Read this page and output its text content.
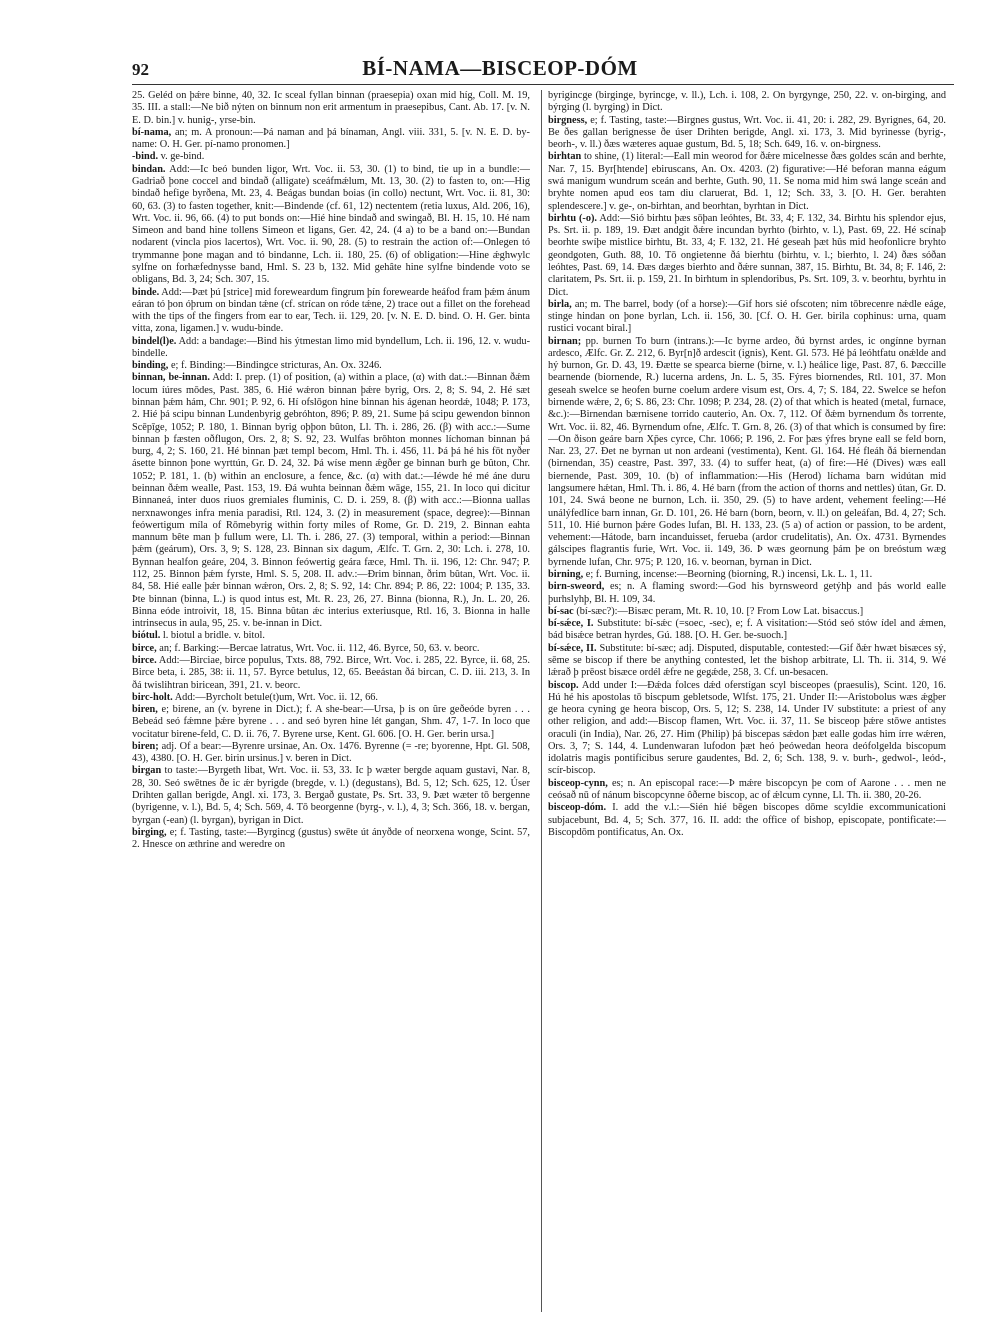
92	BÍ-NAMA—BISCEOP-DÓM
25. Geléd on þǽre binne, 40, 32. Ic sceal fyllan binnan (praesepia) oxan mid híg, Coll. M. 19, 35. III. a stall:—Ne bið nýten on binnum non erit armentum in praesepibus, Cant. Ab. 17. [v. N. E. D. bin.] v. hunig-, yrse-bin.
bí-nama, an; m. A pronoun:—Þá naman and þá bínaman, Angl. viii. 331, 5. [v. N. E. D. by-name: O. H. Ger. pí-namo pronomen.]
-bind. v. ge-bind.
bindan. Add:—Ic beó bunden ligor, Wrt. Voc. ii. 53, 30. (1) to bind, tie up in a bundle:—Gadriað þone coccel and bindað (alligate) sceáfmǽlum, Mt. 13, 30. (2) to fasten to, on:—Hig bindað hefige byrðena, Mt. 23, 4. Beágas bundan boias (in collo) nectunt, Wrt. Voc. ii. 81, 30: 60, 63. (3) to fasten together, knit:—Bindende (cf. 61, 12) nectentem (retia luxus, Ald. 206, 16), Wrt. Voc. ii. 96, 66. (4) to put bonds on:—Hié hine bindað and swingað, Bl. H. 15, 10. Hé nam Simeon and band hine tollens Simeon et ligans, Ger. 42, 24. (4 a) to be a band on:—Bundan nodarent (vincla pios lacertos), Wrt. Voc. ii. 90, 28. (5) to restrain the action of:—Onlegen tó trymmanne þone magan and tó bindanne, Lch. ii. 180, 25. (6) of obligation:—Hine ǽghwylc sylfne on forhæfednysse band, Hml. S. 23 b, 132. Mid gehâte hine sylfne bindende voto se obligans, Bd. 3, 24; Sch. 307, 15.
binde. Add:—Þæt þú [strice] mid foreweardum fingrum þín forewearde heáfod fram þǽm ánum eáran tó þon óþrum on bindan tǽne (cf. strícan on róde tǽne, 2) trace out a fillet on the forehead with the tips of the fingers from ear to ear, Tech. ii. 129, 20. [v. N. E. D. bind. O. H. Ger. binta vitta, zona, ligamen.] v. wudu-binde.
bindel(l)e. Add: a bandage:—Bind his ýtmestan limo mid byndellum, Lch. ii. 196, 12. v. wudu-bindelle.
binding, e; f. Binding:—Bindingce stricturas, An. Ox. 3246.
binnan, be-innan. Add: I. prep. (1) of position, (a) within a place, (α) with dat.:—Binnan ðǽm locum íúres mōdes, Past. 385, 6. Hié wǽron binnan þǽre byrig, Ors. 2, 8; S. 94, 2. Hé sæt binnan þǽm hám, Chr. 901; P. 92, 6. Hí ofslōgon hine binnan his ágenan heordǽ, 1048; P. 173, 2. Hié þá scipu binnan Lundenbyrig gebróhton, 896; P. 89, 21. Sume þá scipu gewendon binnon Scēpīge, 1052; P. 180, 1. Binnan byrig oþþon bûton, Ll. Th. i. 286, 26. (β) with acc.:—Sume binnan þ fæsten oðflugon, Ors. 2, 8; S. 92, 23. Wulfas brōhton monnes líchoman binnan þá burg, 4, 2; S. 160, 21. Hé binnan þæt templ becom, Hml. Th. i. 456, 11. Þá þá hé his fōt nyðer ásette binnon þone wyrttún, Gr. D. 24, 32. Þá wíse menn ǽgðer ge binnan burh ge bûton, Chr. 1052; P. 181, 1. (b) within an enclosure, a fence, &c. (α) with dat.:—Iéwde hé mé áne duru beinnan ðǽm wealle, Past. 153, 19. Ðá wuhta beinnan ðǽm wāge, 155, 21. In loco qui dicitur Binnaneá, inter duos riuos gremiales fluminis, C. D. i. 259, 8. (β) with acc.:—Bionna uallas nerxnawonges infra menia paradisi, Rtl. 124, 3. (2) in measurement (space, degree):—Binnan feówertigum míla of Rōmebyrig within forty miles of Rome, Gr. D. 219, 2. Binnan eahta mannum bête man þ fullum were, Ll. Th. i. 286, 27. (3) temporal, within a period:—Binnan þǽm (geárum), Ors. 3, 9; S. 128, 23. Binnan six dagum, Ælfc. T. Grn. 2, 30: Lch. i. 278, 10. Bynnan healfon geáre, 204, 3. Binnon feówertig geára fæce, Hml. Th. ii. 196, 12: Chr. 947; P. 112, 25. Binnon þǽm fyrste, Hml. S. 5, 208. II. adv.:—Ðrim binnan, ðrim bûtan, Wrt. Voc. ii. 84, 58. Hié ealle þǽr binnan wǽron, Ors. 2, 8; S. 92, 14: Chr. 894; P. 86, 22: 1004; P. 135, 33. Þte binnan (binna, L.) is quod intus est, Mt. R. 23, 26, 27. Binna (bionna, R.), Jn. L. 20, 26. Binna eóde introivit, 18, 15. Binna bûtan ǽc interius exteriusque, Rtl. 16, 3. Bionna in halle intrinsecus in aula, 95, 25. v. be-innan in Dict.
biótul. l. biotul a bridle. v. bitol.
birce, an; f. Barking:—Bercae latratus, Wrt. Voc. ii. 112, 46. Byrce, 50, 63. v. beorc.
birce. Add:—Birciae, birce populus, Txts. 88, 792. Birce, Wrt. Voc. i. 285, 22. Byrce, ii. 68, 25. Birce beta, i. 285, 38: ii. 11, 57. Byrce betulus, 12, 65. Beeástan ðá bircan, C. D. iii. 213, 3. In ðá twislihtran biricean, 391, 21. v. beorc.
birc-holt. Add:—Byrcholt betule(t)um, Wrt. Voc. ii. 12, 66.
biren, e; birene, an (v. byrene in Dict.); f. A she-bear:—Ursa, þ is on ûre geðeóde byren . . . Bebeád seó fǽmne þǽre byrene . . . and seó byren hine lét gangan, Shm. 47, 1-7. In loco que vocitatur birene-feld, C. D. ii. 76, 7. Byrene urse, Kent. Gl. 606. [O. H. Ger. berin ursa.]
biren; adj. Of a bear:—Byrenre ursinae, An. Ox. 1476. Byrenne (= -re; byorenne, Hpt. Gl. 508, 43), 4380. [O. H. Ger. birin ursinus.] v. beren in Dict.
birgan to taste:—Byrgeth libat, Wrt. Voc. ii. 53, 33. Ic þ wæter bergde aquam gustavi, Nar. 8, 28, 30. Seó swētnes ðe ic ǽr byrigde (bregde, v. l.) (degustans), Bd. 5, 12; Sch. 625, 12. Úser Drihten gallan berigde, Angl. xi. 173, 3. Bergað gustate, Ps. Srt. 33, 9. Þæt wæter tō bergenne (byrigenne, v. l.), Bd. 5, 4; Sch. 569, 4. Tō beorgenne (byrg-, v. l.), 4, 3; Sch. 366, 18. v. bergan, byrgan (-ean) (l. byrgan), byrigan in Dict.
birging, e; f. Tasting, taste:—Byrgincg (gustus) swēte út ányðde of neorxena wonge, Scint. 57, 2. Hnesce on æthrine and weredre on
byrigincge (birginge, byrincge, v. ll.), Lch. i. 108, 2. On byrgynge, 250, 22. v. on-birging, and býrging (l. byrging) in Dict.
birgness, e; f. Tasting, taste:—Birgnes gustus, Wrt. Voc. ii. 41, 20: i. 282, 29. Byrignes, 64, 20. Be ðes gallan berignesse ðe úser Drihten berigde, Angl. xi. 173, 3. Mid byrinesse (byrig-, beorh-, v. ll.) ðæs wæteres aquae gustum, Bd. 5, 18; Sch. 649, 16. v. on-birgness.
birhtan to shine, (1) literal:—Eall min weorod for ðǽre micelnesse ðæs goldes scán and berhte, Nar. 7, 15. Byr[htende] ebiruscans, An. Ox. 4203. (2) figurative:—Hé beforan manna eágum swá manigum wundrum sceán and berhte, Guth. 90, 11. Se noma mid him swá lange sceán and bryhte nomen apud eos tam diu claruerat, Bd. 1, 12; Sch. 33, 3. [O. H. Ger. berahten splendescere.] v. ge-, on-birhtan, and beorhtan, byrhtan in Dict.
birhtu (-o). Add:—Sió birhtu þæs sōþan leóhtes, Bt. 33, 4; F. 132, 34. Birhtu his splendor ejus, Ps. Srt. ii. p. 189, 19. Ðæt andgit ðǽre incundan byrhto (birhto, v. l.), Past. 69, 22. Hé scínaþ beorhte swíþe mistlice birhtu, Bt. 33, 4; F. 132, 21. Hé geseah þæt hûs mid heofonlicre bryhto geondgoten, Guth. 88, 10. Tō ongietenne ðá bierhtu (birhtu, v. l.; bierhto, l. 24) ðæs sóðan leóhtes, Past. 69, 14. Ðæs dæges bierhto and ðǽre sunnan, 387, 15. Birhtu, Bt. 34, 8; F. 146, 2: claritatem, Ps. Srt. ii. p. 159, 21. In birhtum in splendoribus, Ps. Srt. 109, 3. v. beorhtu, byrhtu in Dict.
birla, an; m. The barrel, body (of a horse):—Gif hors sié ofscoten; nim tōbrecenre nǽdle eáge, stinge hindan on þone byrlan, Lch. ii. 156, 30. [Cf. O. H. Ger. birila cophinus: urna, quam rustici vocant biral.]
birnan; pp. burnen To burn (intrans.):—Ic byrne ardeo, ðú byrnst ardes, ic ongínne byrnan ardesco, Ælfc. Gr. Z. 212, 6. Byr[n]ð ardescit (ignis), Kent. Gl. 573. Hé þá leóhtfatu onǽlde and hý burnon, Gr. D. 43, 19. Ðætte se spearca bierne (birne, v. l.) heálice lige, Past. 87, 6. Þæccille bearnende (biornende, R.) lucerna ardens, Jn. L. 5, 35. Fýres biornendes, Rtl. 101, 37. Mon geseah swelce se heofen burne coelum ardere visum est, Ors. 4, 7; S. 184, 22. Swelce se hefon birnende wǽre, 2, 6; S. 86, 23: Chr. 1098; P. 234, 28. (2) of that which is heated (metal, furnace, &c.):—Birnendan bærnisene torrido cauterio, An. Ox. 7, 112. Of ðǽm byrnendum ðs torrente, Wrt. Voc. ii. 82, 46. Byrnendum ofne, Ælfc. T. Grn. 8, 26. (3) of that which is consumed by fire:—On ðison geáre barn Xp̄es cyrce, Chr. 1066; P. 196, 2. For þæs ýfres bryne eall se feld born, Nar. 23, 27. Ðet ne byrnan ut non ardeani (vestimenta), Kent. Gl. 164. Hé fleáh ðá biernendan (birnendan, 35) ceastre, Past. 397, 33. (4) to suffer heat, (a) of fire:—Hé (Dives) wæs eall biernende, Past. 309, 10. (b) of inflammation:—His (Herod) líchama barn widútan mid langsumere hǽtan, Hml. Th. i. 86, 4. Hé barn (from the action of thorns and nettles) útan, Gr. D. 101, 24. Swá beone ne burnon, Lch. ii. 350, 29. (5) to have ardent, vehement feeling:—Hé unálýfedlíce barn innan, Gr. D. 101, 26. Hé barn (born, beorn, v. ll.) on geleáfan, Bd. 4, 27; Sch. 511, 10. Hié burnon þǽre Godes lufan, Bl. H. 133, 23. (5 a) of action or passion, to be ardent, vehement:—Hátode, barn incanduisset, ferueba (ardor crudelitatis), An. Ox. 4731. Byrnendes gálscipes flagrantis furie, Wrt. Voc. ii. 149, 36. Þ wæs geornung þám þe on breóstum wæg byrnende lufan, Chr. 975; P. 120, 16. v. beornan, byrnan in Dict.
birning, e; f. Burning, incense:—Beorning (biorning, R.) incensi, Lk. L. 1, 11.
birn-sweord, es; n. A flaming sword:—God his byrnsweord getýhþ and þás world ealle þurhslyhþ, Bl. H. 109, 34.
bí-sac (bí-sæc?):—Bisæc peram, Mt. R. 10, 10. [? From Low Lat. bisaccus.]
bí-sǽce, I. Substitute: bí-sǽc (=soec, -sec), e; f. A visitation:—Stód seó stów ídel and ǽmen, bád bisǽce betran hyrdes, Gú. 188. [O. H. Ger. be-suoch.]
bí-sǽce, II. Substitute: bí-sæc; adj. Disputed, disputable, contested:—Gif ðǽr hwæt bisæces sý, sēme se biscop if there be anything contested, let the bishop arbitrate, Ll. Th. ii. 314, 9. Wé lǽrað þ prēost bisæce ordél ǽfre ne gegǽde, 258, 3. Cf. un-besacen.
biscop. Add under I:—Ðǽda folces dǽd oferstígan scyl bisceopes (praesulis), Scint. 120, 16. Hú hé his apostolas tō biscpum gebletsode, Wlfst. 175, 21. Under II:—Aristobolus wæs ǽgþer ge heora cyning ge heora biscop, Ors. 5, 12; S. 238, 14. Under IV substitute: a priest of any other religion, and add:—Biscop flamen, Wrt. Voc. ii. 37, 11. Se bisceop þǽre stōwe antistes oraculi (in India), Nar. 26, 27. Him (Philip) þá biscepas sǽdon þæt ealle godas him írre wǽren, Ors. 3, 7; S. 144, 4. Lundenwaran lufodon þæt heó þeówedan heora deófolgelda biscopum idolatris magis pontificibus serure gaudentes, Bd. 2, 6; Sch. 138, 9. v. burh-, gedwol-, leód-, scír-biscop.
bisceop-cynn, es; n. An episcopal race:—Þ mǽre biscopcyn þe com of Aarone . . . men ne ceósað nū of nánum biscopcynne ôðerne biscop, ac of ǽlcum cynne, Ll. Th. ii. 380, 20-26.
bisceop-dóm. I. add the v.l.:—Sién hié bēgen biscopes dōme scyldie excommunicationi subjacebunt, Bd. 4, 5; Sch. 377, 16. II. add: the office of bishop, episcopate, pontificate:—Biscopdōm pontificatus, An. Ox.
